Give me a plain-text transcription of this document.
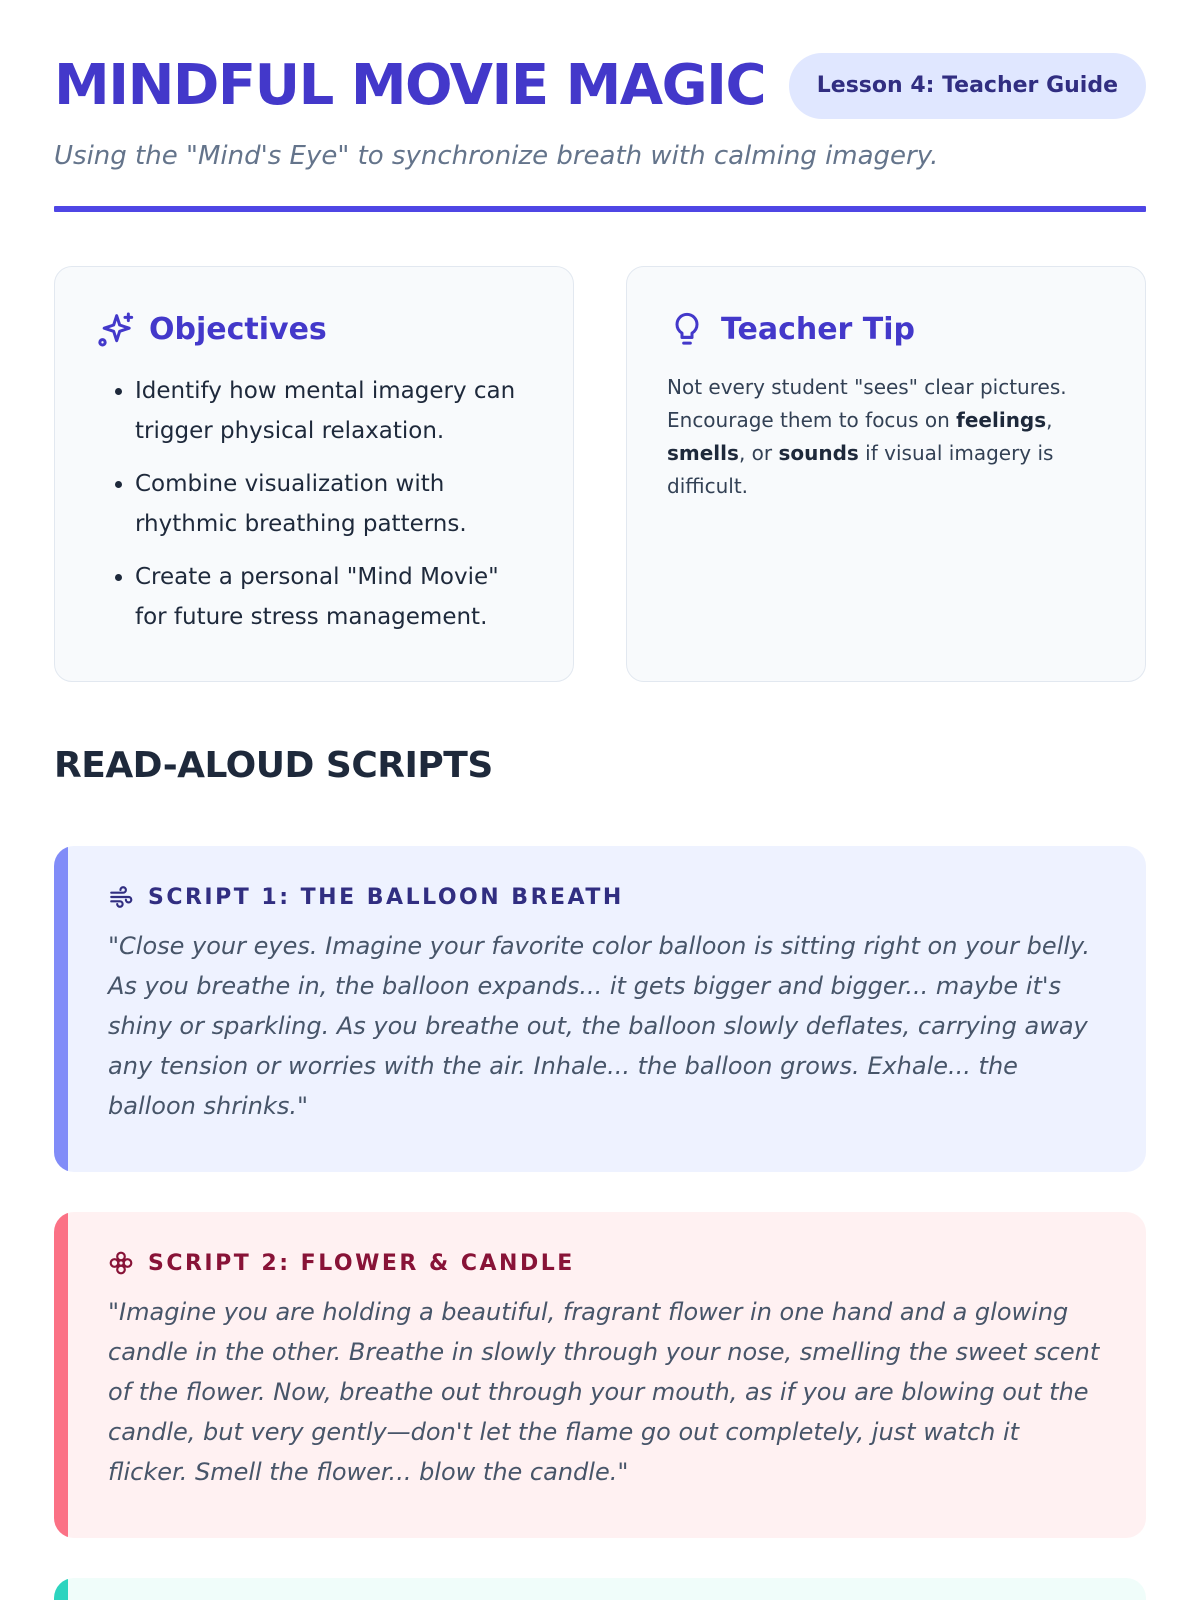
MINDFUL MOVIE MAGIC	Lesson 4: Teacher Guide
Using the "Mind's Eye" to synchronize breath with calming imagery.
Objectives
• Identify how mental imagery can trigger physical relaxation.
• Combine visualization with rhythmic breathing patterns.
• Create a personal "Mind Movie" for future stress management.
Teacher Tip
Not every student "sees" clear pictures. Encourage them to focus on feelings, smells, or sounds if visual imagery is difficult.
READ-ALOUD SCRIPTS
SCRIPT 1: THE BALLOON BREATH
"Close your eyes. Imagine your favorite color balloon is sitting right on your belly. As you breathe in, the balloon expands... it gets bigger and bigger... maybe it's shiny or sparkling. As you breathe out, the balloon slowly deflates, carrying away any tension or worries with the air. Inhale... the balloon grows. Exhale... the balloon shrinks."
SCRIPT 2: FLOWER & CANDLE
"Imagine you are holding a beautiful, fragrant flower in one hand and a glowing candle in the other. Breathe in slowly through your nose, smelling the sweet scent of the flower. Now, breathe out through your mouth, as if you are blowing out the candle, but very gently—don't let the flame go out completely, just watch it flicker. Smell the flower... blow the candle."
